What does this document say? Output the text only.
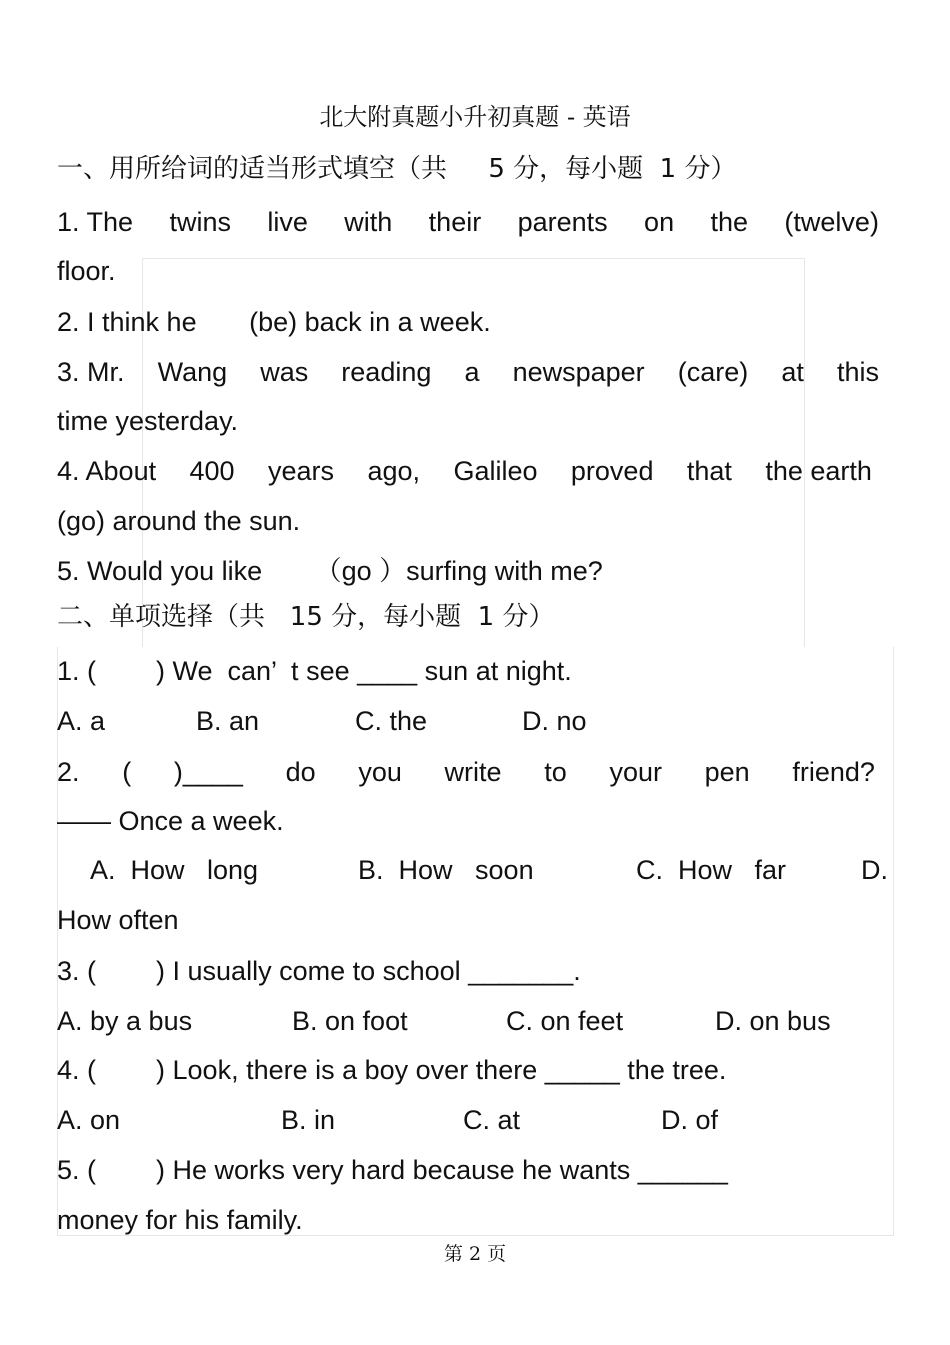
北大附真题小升初真题 - 英语
一、用所给词的适当形式填空（共     5 分，每小题  1 分）
1. The twins live with their parents on the (twelve)
floor.
2. I think he       (be) back in a week.
3. Mr. Wang was reading a newspaper (care) at this
time yesterday.
4. About 400 years ago, Galileo proved that the earth
(go) around the sun.
5. Would you like       （go ）surfing with me?
二、单项选择（共   15 分，每小题  1 分）
1. (        ) We  can’  t see ____ sun at night.
A. a	B. an	C. the	D. no
2. ( )____ do you write to your pen friend?
—— Once a week.
A.  How   long	B.  How   soon	C.  How   far	D.
How often
3. (        ) I usually come to school _______.
A. by a bus	B. on foot	C. on feet	D. on bus
4. (        ) Look, there is a boy over there _____ the tree.
A. on	B. in	C. at	D. of
5. (        ) He works very hard because he wants ______
money for his family.
第 2 页
